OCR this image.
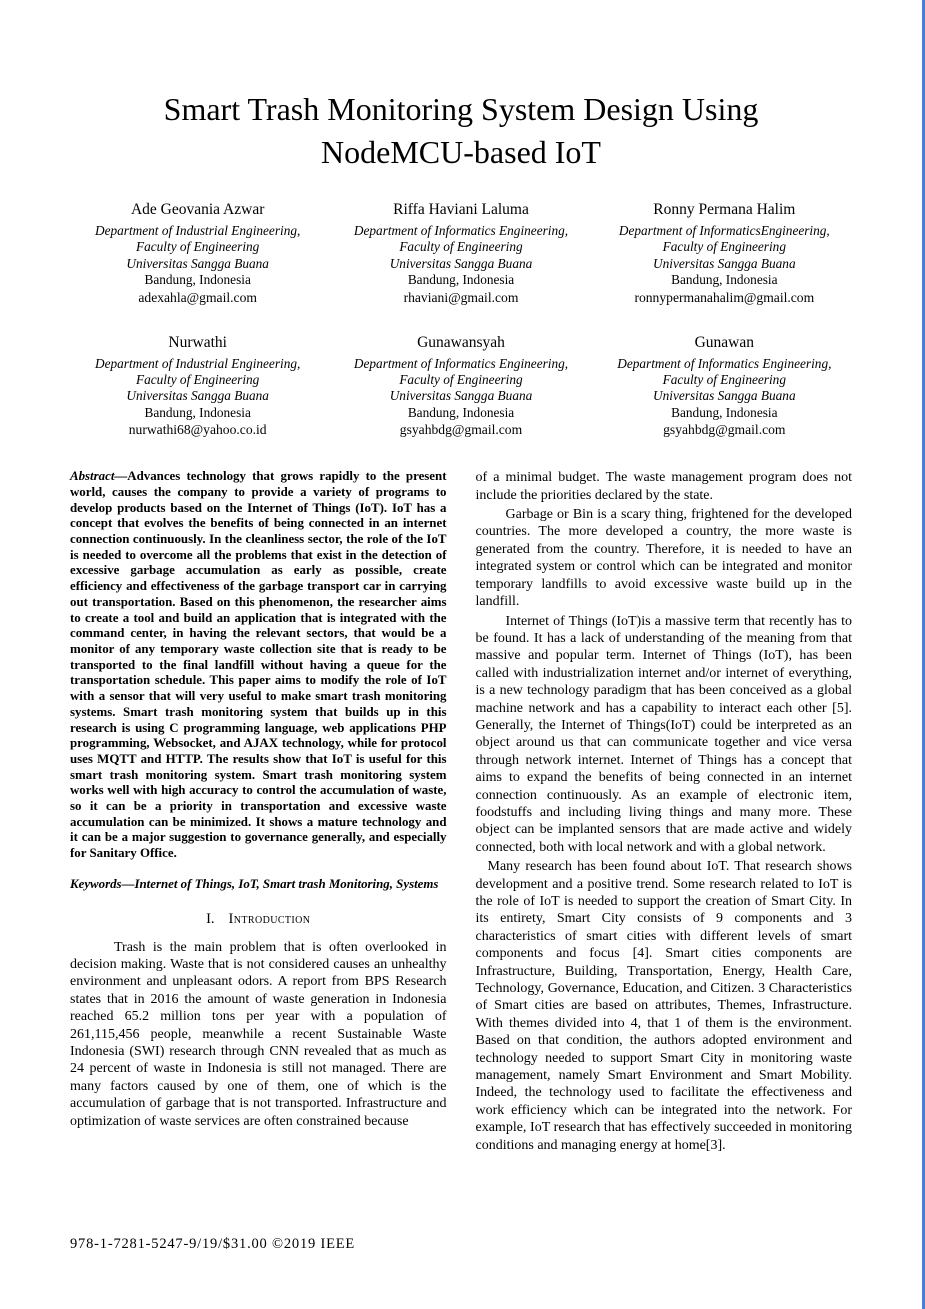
Smart Trash Monitoring System Design Using
NodeMCU-based IoT
Ade Geovania Azwar
Department of Industrial Engineering,
Faculty of Engineering
Universitas Sangga Buana
Bandung, Indonesia
adexahla@gmail.com
Riffa Haviani Laluma
Department of Informatics Engineering,
Faculty of Engineering
Universitas Sangga Buana
Bandung, Indonesia
rhaviani@gmail.com
Ronny Permana Halim
Department of InformaticsEngineering,
Faculty of Engineering
Universitas Sangga Buana
Bandung, Indonesia
ronnypermanahalim@gmail.com
Nurwathi
Department of Industrial Engineering,
Faculty of Engineering
Universitas Sangga Buana
Bandung, Indonesia
nurwathi68@yahoo.co.id
Gunawansyah
Department of Informatics Engineering,
Faculty of Engineering
Universitas Sangga Buana
Bandung, Indonesia
gsyahbdg@gmail.com
Gunawan
Department of Informatics Engineering,
Faculty of Engineering
Universitas Sangga Buana
Bandung, Indonesia
gsyahbdg@gmail.com

Abstract—Advances technology that grows rapidly to the present world, causes the company to provide a variety of programs to develop products based on the Internet of Things (IoT). IoT has a concept that evolves the benefits of being connected in an internet connection continuously. In the cleanliness sector, the role of the IoT is needed to overcome all the problems that exist in the detection of excessive garbage accumulation as early as possible, create efficiency and effectiveness of the garbage transport car in carrying out transportation. Based on this phenomenon, the researcher aims to create a tool and build an application that is integrated with the command center, in having the relevant sectors, that would be a monitor of any temporary waste collection site that is ready to be transported to the final landfill without having a queue for the transportation schedule. This paper aims to modify the role of IoT with a sensor that will very useful to make smart trash monitoring systems. Smart trash monitoring system that builds up in this research is using C programming language, web applications PHP programming, Websocket, and AJAX technology, while for protocol uses MQTT and HTTP. The results show that IoT is useful for this smart trash monitoring system. Smart trash monitoring system works well with high accuracy to control the accumulation of waste, so it can be a priority in transportation and excessive waste accumulation can be minimized. It shows a mature technology and it can be a major suggestion to governance generally, and especially for Sanitary Office.

Keywords—Internet of Things, IoT, Smart trash Monitoring, Systems

I. Introduction

Trash is the main problem that is often overlooked in decision making. Waste that is not considered causes an unhealthy environment and unpleasant odors. A report from BPS Research states that in 2016 the amount of waste generation in Indonesia reached 65.2 million tons per year with a population of 261,115,456 people, meanwhile a recent Sustainable Waste Indonesia (SWI) research through CNN revealed that as much as 24 percent of waste in Indonesia is still not managed. There are many factors caused by one of them, one of which is the accumulation of garbage that is not transported. Infrastructure and optimization of waste services are often constrained because

of a minimal budget. The waste management program does not include the priorities declared by the state.

Garbage or Bin is a scary thing, frightened for the developed countries. The more developed a country, the more waste is generated from the country. Therefore, it is needed to have an integrated system or control which can be integrated and monitor temporary landfills to avoid excessive waste build up in the landfill.

Internet of Things (IoT)is a massive term that recently has to be found. It has a lack of understanding of the meaning from that massive and popular term. Internet of Things (IoT), has been called with industrialization internet and/or internet of everything, is a new technology paradigm that has been conceived as a global machine network and has a capability to interact each other [5]. Generally, the Internet of Things(IoT) could be interpreted as an object around us that can communicate together and vice versa through network internet. Internet of Things has a concept that aims to expand the benefits of being connected in an internet connection continuously. As an example of electronic item, foodstuffs and including living things and many more. These object can be implanted sensors that are made active and widely connected, both with local network and with a global network.

Many research has been found about IoT. That research shows development and a positive trend. Some research related to IoT is the role of IoT is needed to support the creation of Smart City. In its entirety, Smart City consists of 9 components and 3 characteristics of smart cities with different levels of smart components and focus [4]. Smart cities components are Infrastructure, Building, Transportation, Energy, Health Care, Technology, Governance, Education, and Citizen. 3 Characteristics of Smart cities are based on attributes, Themes, Infrastructure. With themes divided into 4, that 1 of them is the environment. Based on that condition, the authors adopted environment and technology needed to support Smart City in monitoring waste management, namely Smart Environment and Smart Mobility. Indeed, the technology used to facilitate the effectiveness and work efficiency which can be integrated into the network. For example, IoT research that has effectively succeeded in monitoring conditions and managing energy at home[3].

978-1-7281-5247-9/19/$31.00 ©2019 IEEE
